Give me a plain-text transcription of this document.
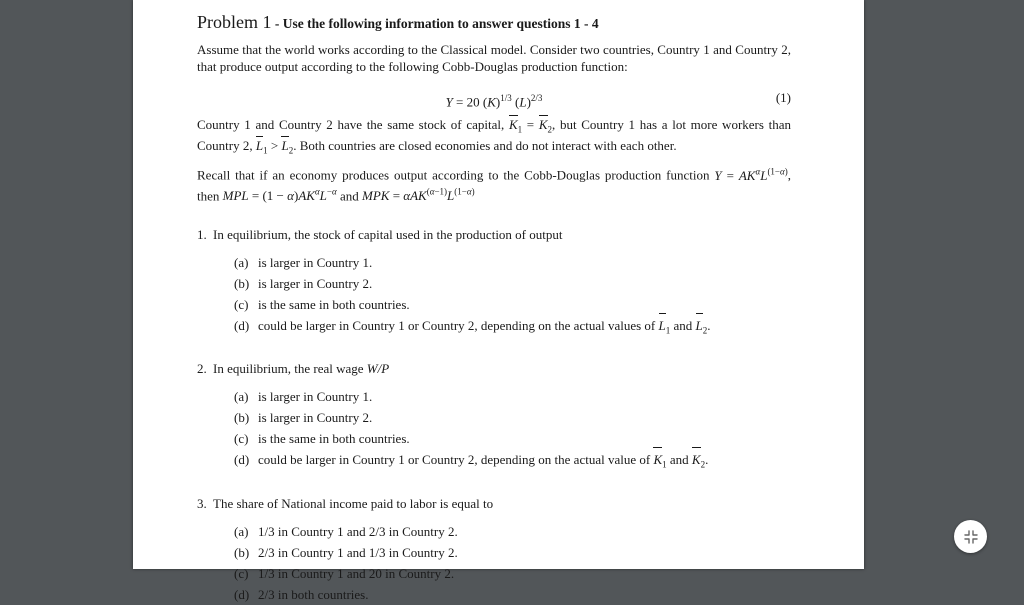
Problem 1 - Use the following information to answer questions 1 - 4

Assume that the world works according to the Classical model. Consider two countries, Country 1 and Country 2, that produce output according to the following Cobb-Douglas production function:

Y = 20 $(K)^{1/3}$ $(L)^{2/3}$	(1)

Country 1 and Country 2 have the same stock of capital, K
$_1$ = K
$_2$, but Country 1 has a lot more workers than Country 2, L
$_1$ > L
$_2$. Both countries are closed economies and do not interact with each other.

Recall that if an economy produces output according to the Cobb-Douglas production function $Y = AK^\alpha L^{(1-\alpha)}$, then MPL = $(1 - \alpha)AK^\alpha L^{-\alpha}$ and MPK = $\alpha AK^{(\alpha-1)}L^{(1-\alpha)}$

1. In equilibrium, the stock of capital used in the production of output
(a) is larger in Country 1.
(b) is larger in Country 2.
(c) is the same in both countries.
(d) could be larger in Country 1 or Country 2, depending on the actual values of L
$_1$ and L
$_2$.
2. In equilibrium, the real wage W/P
(a) is larger in Country 1.
(b) is larger in Country 2.
(c) is the same in both countries.
(d) could be larger in Country 1 or Country 2, depending on the actual value of K
$_1$ and K
$_2$.
3. The share of National income paid to labor is equal to
(a) 1/3 in Country 1 and 2/3 in Country 2.
(b) 2/3 in Country 1 and 1/3 in Country 2.
(c) 1/3 in Country 1 and 20 in Country 2.
(d) 2/3 in both countries.
